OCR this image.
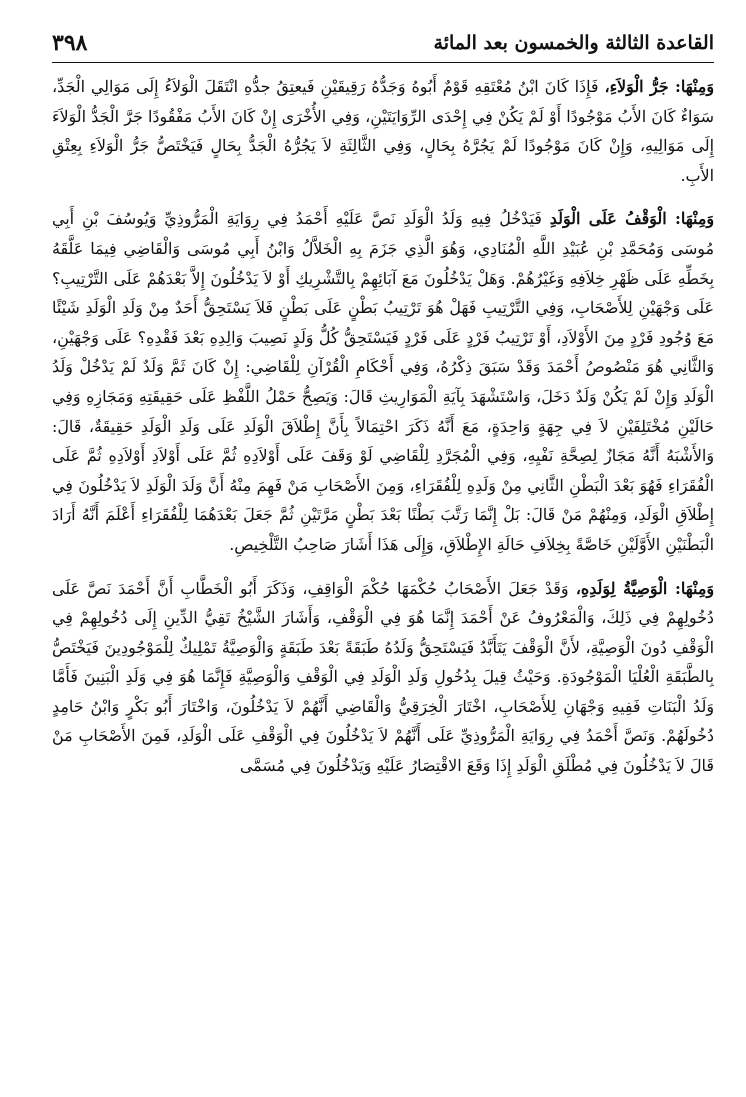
القاعدة الثالثة والخمسون بعد المائة
٣٩٨

وَمِنْهَا: جَرُّ الْوَلاَءِ، فَإِذَا كَانَ ابْنُ مُعْتَقِهِ قَوْمٌ أَبُوهُ وَجَدُّهُ رَقِيقَيْنِ فَيعتِقُ جدُّهِ انْتَقَلَ الْوَلاَءُ إِلَى مَوَالِي الْجَدِّ، سَوَاءٌ كَانَ الأَبُ مَوْجُودًا أَوْ لَمْ يَكُنْ فِي إِحْدَى الرِّوَايَتَيْنِ، وَفِي الأُخْرَى إِنْ كَانَ الأَبُ مَفْقُودًا جَرَّ الْجَدُّ الْوَلاَءَ إِلَى مَوَالِيهِ، وَإِنْ كَانَ مَوْجُودًا لَمْ يَجُرَّهُ بِحَالٍ، وَفِي الثَّالِثَةِ لاَ يَجُرُّهُ الْجَدُّ بِحَالٍ فَيَخْتَصُّ جَرُّ الْوَلاَءِ بِعِتْقِ الأَبِ.

وَمِنْهَا: الْوَقْفُ عَلَى الْوَلَدِ فَيَدْخُلُ فِيهِ وَلَدُ الْوَلَدِ نَصَّ عَلَيْهِ أَحْمَدُ فِي رِوَايَةِ الْمَرُّوذِيِّ وَيُوسُفَ بْنِ أَبِي مُوسَى وَمُحَمَّدِ بْنِ عُبَيْدِ اللَّهِ الْمُنَادِي، وَهُوَ الَّذِي جَزَمَ بِهِ الْخَلاَّلُ وَابْنُ أَبِي مُوسَى وَالْقَاضِي فِيمَا عَلَّقَهُ بِخَطِّهِ عَلَى ظَهْرِ خِلاَفِهِ وَغَيْرُهُمْ. وَهَلْ يَدْخُلُونَ مَعَ آبَائِهِمْ بِالتَّشْرِيكِ أَوْ لاَ يَدْخُلُونَ إِلاَّ بَعْدَهُمْ عَلَى التَّرْتِيبِ؟ عَلَى وَجْهَيْنِ لِلأَصْحَابِ، وَفِي التَّرْتِيبِ فَهَلْ هُوَ تَرْتِيبُ بَطْنٍ عَلَى بَطْنٍ فَلاَ يَسْتَحِقُّ أَحَدٌ مِنْ وَلَدِ الْوَلَدِ شَيْئًا مَعَ وُجُودِ فَرْدٍ مِنَ الأَوْلاَدِ، أَوْ تَرْتِيبُ فَرْدٍ عَلَى فَرْدٍ فَيَسْتَحِقُّ كُلُّ وَلَدٍ نَصِيبَ وَالِدِهِ بَعْدَ فَقْدِهِ؟ عَلَى وَجْهَيْنِ، وَالثَّانِي هُوَ مَنْصُوصُ أَحْمَدَ وَقَدْ سَبَقَ ذِكْرُهُ، وَفِي أَحْكَامِ الْقُرْآنِ لِلْقَاضِي: إِنْ كَانَ ثَمَّ وَلَدٌ لَمْ يَدْخُلْ وَلَدُ الْوَلَدِ وَإِنْ لَمْ يَكُنْ وَلَدٌ دَخَلَ، وَاسْتَشْهَدَ بِآيَةِ الْمَوَارِيثِ قَالَ: وَيَصِحُّ حَمْلُ اللَّفْظِ عَلَى حَقِيقَتِهِ وَمَجَازِهِ وَفِي حَالَيْنِ مُخْتَلِفَيْنِ لاَ فِي جِهَةٍ وَاحِدَةٍ، مَعَ أَنَّهُ ذَكَرَ احْتِمَالاً بِأَنَّ إِطْلاَقَ الْوَلَدِ عَلَى وَلَدِ الْوَلَدِ حَقِيقَةٌ، قَالَ: وَالأَشْبَهُ أَنَّهُ مَجَازٌ لِصِحَّةِ نَفْيِهِ، وَفِي الْمُجَرَّدِ لِلْقَاضِي لَوْ وَقَفَ عَلَى أَوْلاَدِهِ ثُمَّ عَلَى أَوْلاَدِ أَوْلاَدِهِ ثُمَّ عَلَى الْفُقَرَاءِ فَهُوَ بَعْدَ الْبَطْنِ الثَّانِي مِنْ وَلَدِهِ لِلْفُقَرَاءِ، وَمِنَ الأَصْحَابِ مَنْ فَهِمَ مِنْهُ أَنَّ وَلَدَ الْوَلَدِ لاَ يَدْخُلُونَ فِي إِطْلاَقِ الْوَلَدِ، وَمِنْهُمْ مَنْ قَالَ: بَلْ إِنَّمَا رَتَّبَ بَطْنًا بَعْدَ بَطْنٍ مَرَّتَيْنِ ثُمَّ جَعَلَ بَعْدَهُمَا لِلْفُقَرَاءِ أَعْلَمَ أَنَّهُ أَرَادَ الْبَطْنَيْنِ الأَوَّلَيْنِ خَاصَّةً بِخِلاَفِ حَالَةِ الإِطْلاَقِ، وَإِلَى هَذَا أَشَارَ صَاحِبُ التَّلْخِيصِ.

وَمِنْهَا: الْوَصِيَّةُ لِوَلَدِهِ، وَقَدْ جَعَلَ الأَصْحَابُ حُكْمَهَا حُكْمَ الْوَاقِفِ، وَذَكَرَ أَبُو الْخَطَّابِ أَنَّ أَحْمَدَ نَصَّ عَلَى دُخُولِهِمْ فِي ذَلِكَ، وَالْمَعْرُوفُ عَنْ أَحْمَدَ إِنَّمَا هُوَ فِي الْوَقْفِ، وَأَشَارَ الشَّيْخُ تَقِيُّ الدِّينِ إِلَى دُخُولِهِمْ فِي الْوَقْفِ دُونَ الْوَصِيَّةِ، لأَنَّ الْوَقْفَ يَتَأَبَّدُ فَيَسْتَحِقُّ وَلَدُهُ طَبَقَةً بَعْدَ طَبَقَةٍ وَالْوَصِيَّةُ تَمْلِيكٌ لِلْمَوْجُودِينَ فَيَخْتَصُّ بِالطَّبَقَةِ الْعُلْيَا الْمَوْجُودَةِ. وَحَيْثُ قِيلَ بِدُخُولِ وَلَدِ الْوَلَدِ فِي الْوَقْفِ وَالْوَصِيَّةِ فَإِنَّمَا هُوَ فِي وَلَدِ الْبَنِينَ فَأَمَّا وَلَدُ الْبَنَاتِ فَفِيهِ وَجْهَانِ لِلأَصْحَابِ، اخْتَارَ الْخِرَقِيُّ وَالْقَاضِي أَنَّهُمْ لاَ يَدْخُلُونَ، وَاخْتَارَ أَبُو بَكْرٍ وَابْنُ حَامِدٍ دُخُولَهُمْ. وَنَصَّ أَحْمَدُ فِي رِوَايَةِ الْمَرُّوذِيِّ عَلَى أَنَّهُمْ لاَ يَدْخُلُونَ فِي الْوَقْفِ عَلَى الْوَلَدِ، فَمِنَ الأَصْحَابِ مَنْ قَالَ لاَ يَدْخُلُونَ فِي مُطْلَقِ الْوَلَدِ إِذَا وَقَعَ الاقْتِصَارُ عَلَيْهِ وَيَدْخُلُونَ فِي مُسَمَّى
